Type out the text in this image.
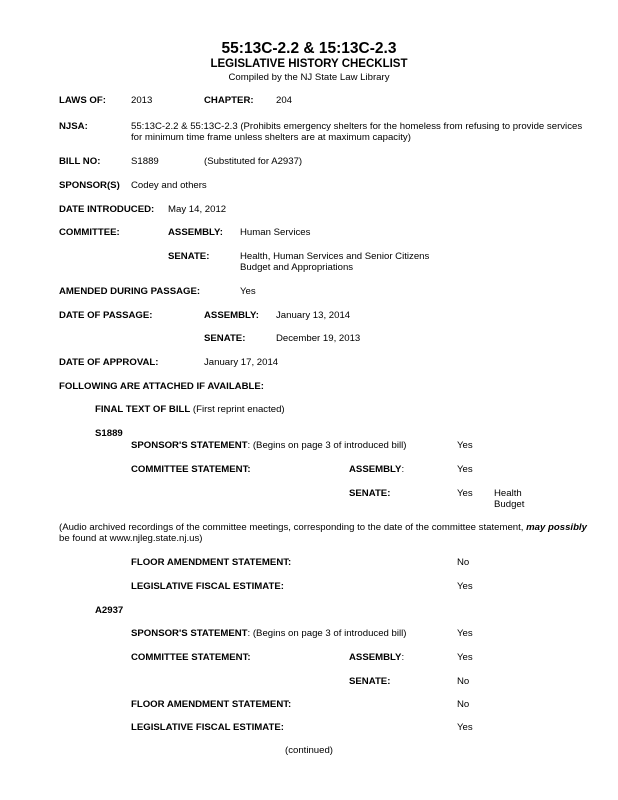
55:13C-2.2 & 15:13C-2.3
LEGISLATIVE HISTORY CHECKLIST
Compiled by the NJ State Law Library
LAWS OF:	2013	CHAPTER: 204
NJSA:	55:13C-2.2 & 55:13C-2.3 (Prohibits emergency shelters for the homeless from refusing to provide services
for minimum time frame unless shelters are at maximum capacity)
BILL NO:	S1889	(Substituted for A2937)
SPONSOR(S) Codey and others
DATE INTRODUCED: May 14, 2012
COMMITTEE:	ASSEMBLY: Human Services
SENATE:	Health, Human Services and Senior Citizens
Budget and Appropriations
AMENDED DURING PASSAGE:	Yes
DATE OF PASSAGE:	ASSEMBLY: January 13, 2014
SENATE:	December 19, 2013
DATE OF APPROVAL:	January 17, 2014
FOLLOWING ARE ATTACHED IF AVAILABLE:
FINAL TEXT OF BILL (First reprint enacted)
S1889
SPONSOR'S STATEMENT: (Begins on page 3 of introduced bill)	Yes
COMMITTEE STATEMENT:	ASSEMBLY:	Yes
SENATE:	Yes Health
Budget
(Audio archived recordings of the committee meetings, corresponding to the date of the committee statement, may possibly
be found at www.njleg.state.nj.us)
FLOOR AMENDMENT STATEMENT:	No
LEGISLATIVE FISCAL ESTIMATE:	Yes
A2937
SPONSOR'S STATEMENT: (Begins on page 3 of introduced bill)	Yes
COMMITTEE STATEMENT:	ASSEMBLY:	Yes
SENATE:	No
FLOOR AMENDMENT STATEMENT:	No
LEGISLATIVE FISCAL ESTIMATE:	Yes
(continued)
